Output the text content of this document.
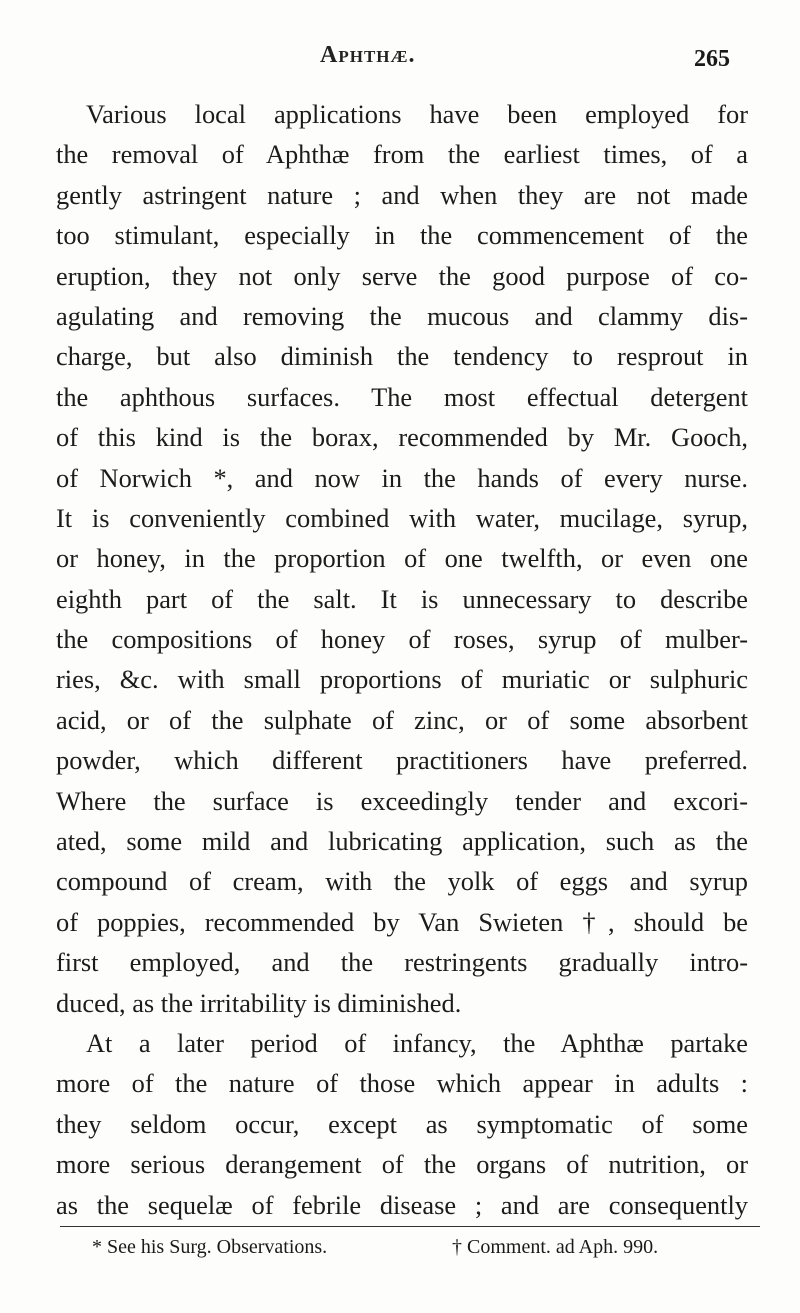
Aphthæ.	265
Various local applications have been employed for
the removal of Aphthæ from the earliest times, of a
gently astringent nature ; and when they are not made
too stimulant, especially in the commencement of the
eruption, they not only serve the good purpose of co-
agulating and removing the mucous and clammy dis-
charge, but also diminish the tendency to resprout in
the aphthous surfaces. The most effectual detergent
of this kind is the borax, recommended by Mr. Gooch,
of Norwich *, and now in the hands of every nurse.
It is conveniently combined with water, mucilage, syrup,
or honey, in the proportion of one twelfth, or even one
eighth part of the salt. It is unnecessary to describe
the compositions of honey of roses, syrup of mulber-
ries, &c. with small proportions of muriatic or sulphuric
acid, or of the sulphate of zinc, or of some absorbent
powder, which different practitioners have preferred.
Where the surface is exceedingly tender and excori-
ated, some mild and lubricating application, such as the
compound of cream, with the yolk of eggs and syrup
of poppies, recommended by Van Swieten †, should be
first employed, and the restringents gradually intro-
duced, as the irritability is diminished.
At a later period of infancy, the Aphthæ partake
more of the nature of those which appear in adults :
they seldom occur, except as symptomatic of some
more serious derangement of the organs of nutrition, or
as the sequelæ of febrile disease ; and are consequently
* See his Surg. Observations.	† Comment. ad Aph. 990.
